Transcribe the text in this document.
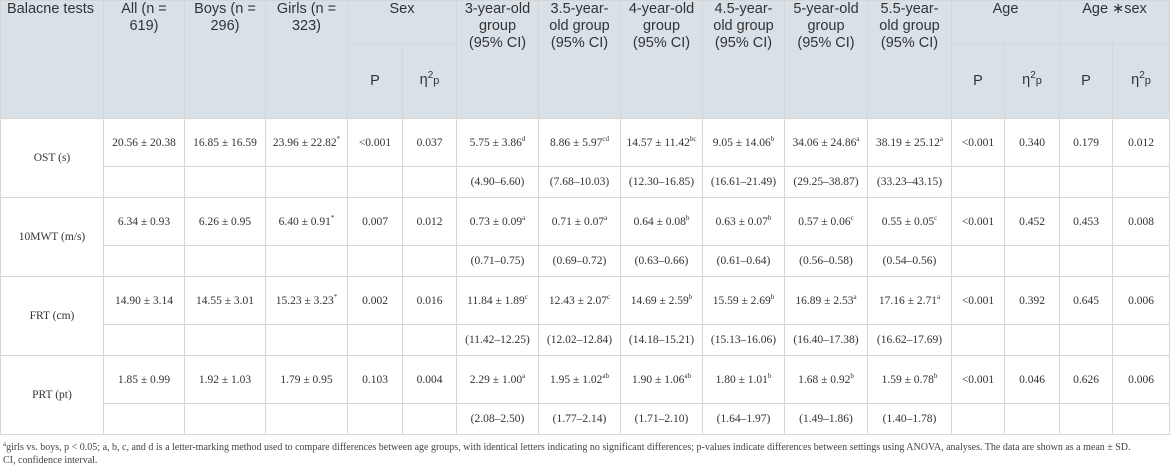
Balacne tests	All (n = 619)	Boys (n = 296)	Girls (n = 323)	Sex		3-year-old group (95% CI)	3.5-year-old group (95% CI)	4-year-old group (95% CI)	4.5-year-old group (95% CI)	5-year-old group (95% CI)	5.5-year-old group (95% CI)	Age		Age ∗sex	
				P	$\eta^2p$							P	$\eta^2p$	P	$\eta^2p$
OST (s)	20.56 ± 20.38	16.85 ± 16.59	23.96 ± 22.82*	<0.001	0.037	5.75 ± 3.86$^d$	8.86 ± 5.97$^{cd}$	14.57 ± 11.42$^{bc}$	9.05 ± 14.06$^b$	34.06 ± 24.86$^a$	38.19 ± 25.12$^a$	<0.001	0.340	0.179	0.012
						(4.90–6.60)	(7.68–10.03)	(12.30–16.85)	(16.61–21.49)	(29.25–38.87)	(33.23–43.15)				
10MWT (m/s)	6.34 ± 0.93	6.26 ± 0.95	6.40 ± 0.91*	0.007	0.012	0.73 ± 0.09$^a$	0.71 ± 0.07$^a$	0.64 ± 0.08$^b$	0.63 ± 0.07$^b$	0.57 ± 0.06$^c$	0.55 ± 0.05$^c$	<0.001	0.452	0.453	0.008
						(0.71–0.75)	(0.69–0.72)	(0.63–0.66)	(0.61–0.64)	(0.56–0.58)	(0.54–0.56)				
FRT (cm)	14.90 ± 3.14	14.55 ± 3.01	15.23 ± 3.23*	0.002	0.016	11.84 ± 1.89$^c$	12.43 ± 2.07$^c$	14.69 ± 2.59$^b$	15.59 ± 2.69$^b$	16.89 ± 2.53$^a$	17.16 ± 2.71$^a$	<0.001	0.392	0.645	0.006
						(11.42–12.25)	(12.02–12.84)	(14.18–15.21)	(15.13–16.06)	(16.40–17.38)	(16.62–17.69)				
PRT (pt)	1.85 ± 0.99	1.92 ± 1.03	1.79 ± 0.95	0.103	0.004	2.29 ± 1.00$^a$	1.95 ± 1.02$^{ab}$	1.90 ± 1.06$^{ab}$	1.80 ± 1.01$^b$	1.68 ± 0.92$^b$	1.59 ± 0.78$^b$	<0.001	0.046	0.626	0.006
						(2.08–2.50)	(1.77–2.14)	(1.71–2.10)	(1.64–1.97)	(1.49–1.86)	(1.40–1.78)				
a girls vs. boys, p < 0.05; a, b, c, and d is a letter-marking method used to compare differences between age groups, with identical letters indicating no significant differences; p-values indicate differences between settings using ANOVA, analyses. The data are shown as a mean ± SD. CI, confidence interval.
